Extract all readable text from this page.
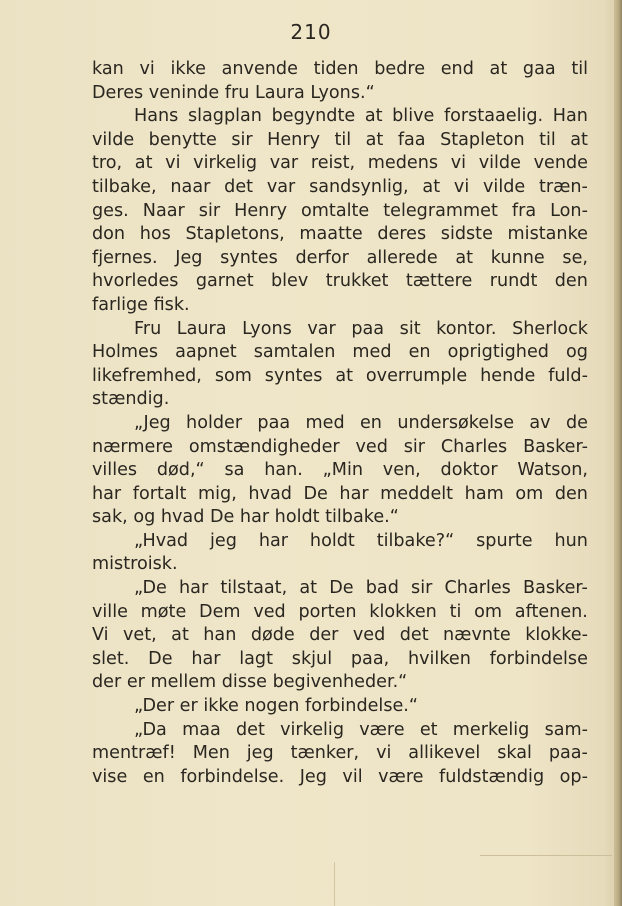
210
kan vi ikke anvende tiden bedre end at gaa til
Deres veninde fru Laura Lyons.“
Hans slagplan begyndte at blive forstaaelig. Han
vilde benytte sir Henry til at faa Stapleton til at
tro, at vi virkelig var reist, medens vi vilde vende
tilbake, naar det var sandsynlig, at vi vilde træn-
ges. Naar sir Henry omtalte telegrammet fra Lon-
don hos Stapletons, maatte deres sidste mistanke
fjernes. Jeg syntes derfor allerede at kunne se,
hvorledes garnet blev trukket tættere rundt den
farlige fisk.
Fru Laura Lyons var paa sit kontor. Sherlock
Holmes aapnet samtalen med en oprigtighed og
likefremhed, som syntes at overrumple hende fuld-
stændig.
„Jeg holder paa med en undersøkelse av de
nærmere omstændigheder ved sir Charles Basker-
villes død,“ sa han. „Min ven, doktor Watson,
har fortalt mig, hvad De har meddelt ham om den
sak, og hvad De har holdt tilbake.“
„Hvad jeg har holdt tilbake?“ spurte hun
mistroisk.
„De har tilstaat, at De bad sir Charles Basker-
ville møte Dem ved porten klokken ti om aftenen.
Vi vet, at han døde der ved det nævnte klokke-
slet. De har lagt skjul paa, hvilken forbindelse
der er mellem disse begivenheder.“
„Der er ikke nogen forbindelse.“
„Da maa det virkelig være et merkelig sam-
mentræf! Men jeg tænker, vi allikevel skal paa-
vise en forbindelse. Jeg vil være fuldstændig op-
